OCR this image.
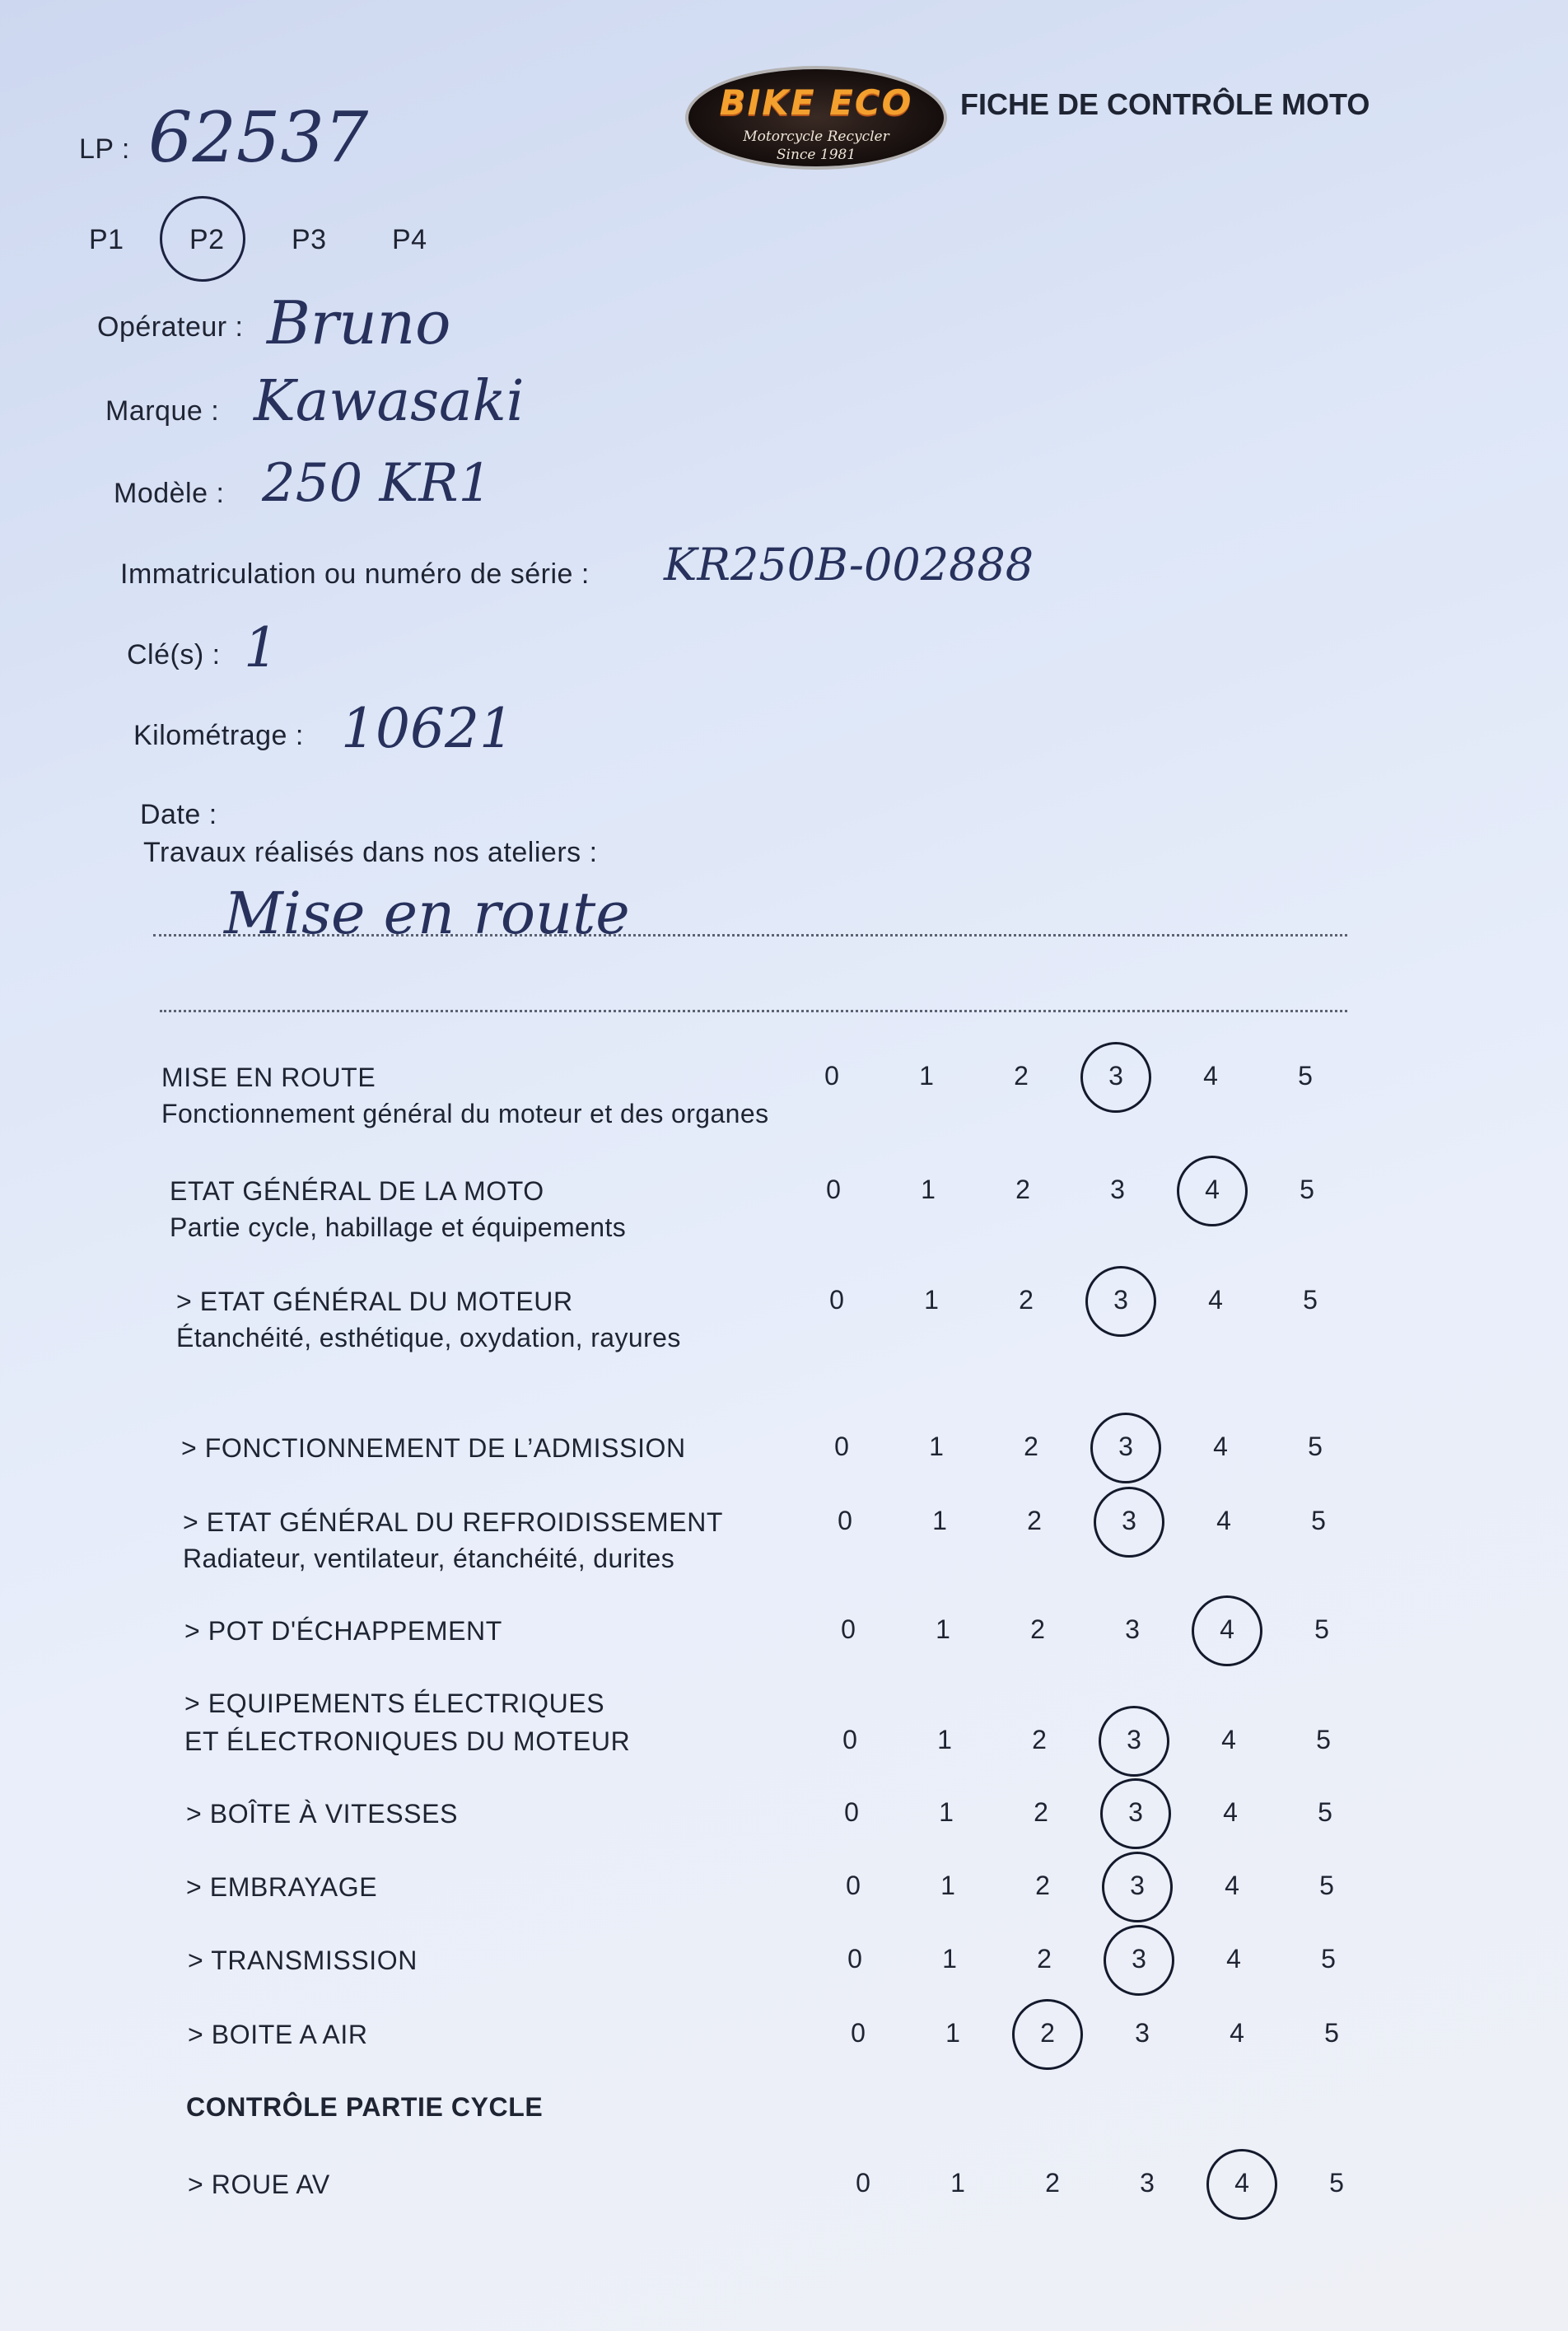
BIKE ECO
Motorcycle Recycler
Since 1981
FICHE DE CONTRÔLE MOTO
LP : 62537
P1 P2 P3 P4
Opérateur : Bruno
Marque : Kawasaki
Modèle : 250 KR1
Immatriculation ou numéro de série : KR250B-002888
Clé(s) : 1
Kilométrage : 10621
Date :
Travaux réalisés dans nos ateliers :
Mise en route
MISE EN ROUTE
Fonctionnement général du moteur et des organes
0	1	2	3	4	5
ETAT GÉNÉRAL DE LA MOTO
Partie cycle, habillage et équipements
0	1	2	3	4	5
> ETAT GÉNÉRAL DU MOTEUR
Étanchéité, esthétique, oxydation, rayures
0	1	2	3	4	5
> FONCTIONNEMENT DE L’ADMISSION	0	1	2	3	4	5
> ETAT GÉNÉRAL DU REFROIDISSEMENT
Radiateur, ventilateur, étanchéité, durites
0	1	2	3	4	5
> POT D'ÉCHAPPEMENT	0	1	2	3	4	5
> EQUIPEMENTS ÉLECTRIQUES
ET ÉLECTRONIQUES DU MOTEUR	0	1	2	3	4	5
> BOÎTE À VITESSES	0	1	2	3	4	5
> EMBRAYAGE	0	1	2	3	4	5
> TRANSMISSION	0	1	2	3	4	5
> BOITE A AIR	0	1	2	3	4	5
CONTRÔLE PARTIE CYCLE
> ROUE AV	0	1	2	3	4	5
